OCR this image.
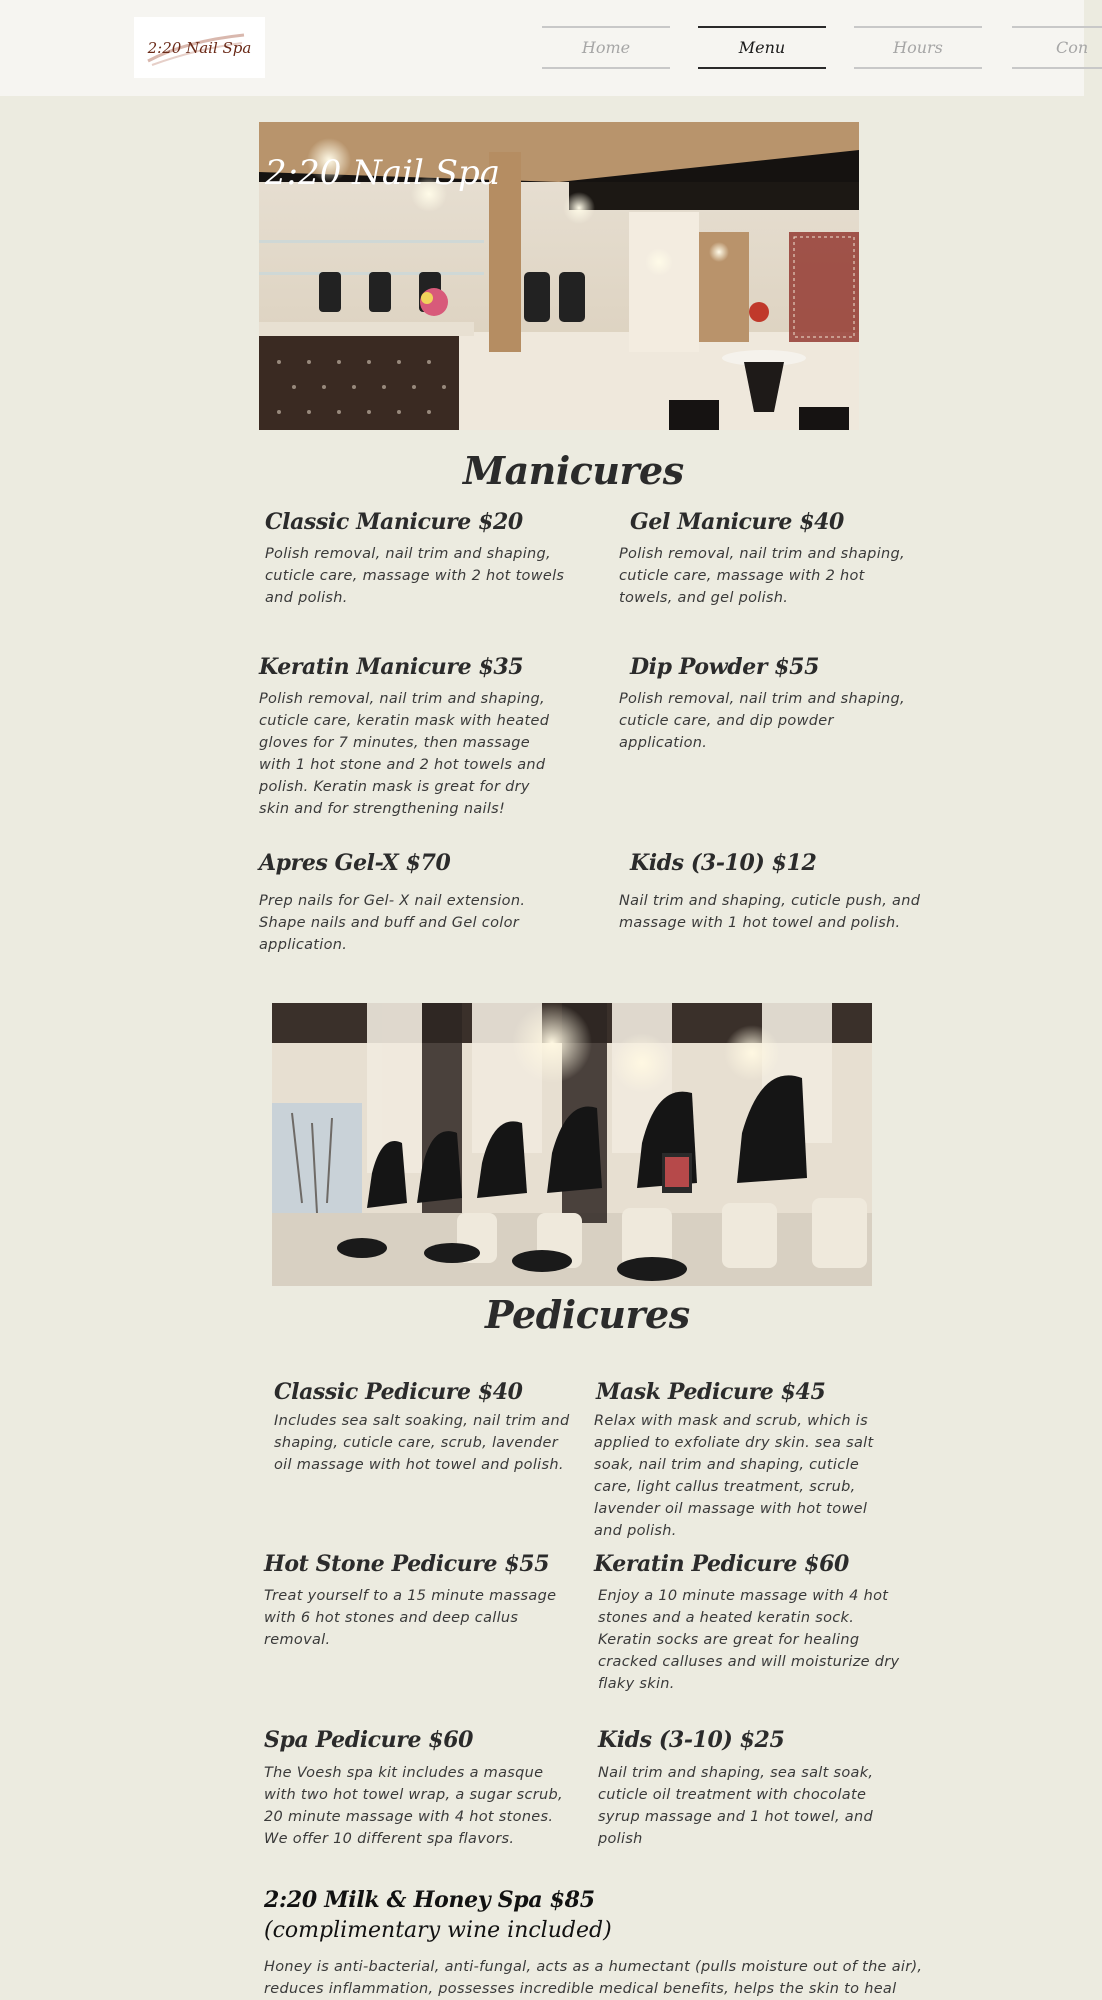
2:20 Nail Spa	Home	Menu	Hours	Con
2:20 Nail Spa
Manicures
Classic Manicure $20
Polish removal, nail trim and shaping, cuticle care, massage with 2 hot towels and polish.
Gel Manicure $40
Polish removal, nail trim and shaping, cuticle care, massage with 2 hot towels, and gel polish.
Keratin Manicure $35
Polish removal, nail trim and shaping, cuticle care, keratin mask with heated gloves for 7 minutes, then massage with 1 hot stone and 2 hot towels and polish. Keratin mask is great for dry skin and for strengthening nails!
Dip Powder $55
Polish removal, nail trim and shaping, cuticle care, and dip powder application.
Apres Gel-X $70
Prep nails for Gel- X nail extension. Shape nails and buff and Gel color application.
Kids (3-10) $12
Nail trim and shaping, cuticle push, and massage with 1 hot towel and polish.
Pedicures
Classic Pedicure $40
Includes sea salt soaking, nail trim and shaping, cuticle care, scrub, lavender oil massage with hot towel and polish.
Mask Pedicure $45
Relax with mask and scrub, which is applied to exfoliate dry skin. sea salt soak, nail trim and shaping, cuticle care, light callus treatment, scrub, lavender oil massage with hot towel and polish.
Hot Stone Pedicure $55
Treat yourself to a 15 minute massage with 6 hot stones and deep callus removal.
Keratin Pedicure $60
Enjoy a 10 minute massage with 4 hot stones and a heated keratin sock. Keratin socks are great for healing cracked calluses and will moisturize dry flaky skin.
Spa Pedicure $60
The Voesh spa kit includes a masque with two hot towel wrap, a sugar scrub, 20 minute massage with 4 hot stones. We offer 10 different spa flavors.
Kids (3-10) $25
Nail trim and shaping, sea salt soak, cuticle oil treatment with chocolate syrup massage and 1 hot towel, and polish
2:20 Milk & Honey Spa $85
(complimentary wine included)
Honey is anti-bacterial, anti-fungal, acts as a humectant (pulls moisture out of the air), reduces inflammation, possesses incredible medical benefits, helps the skin to heal
